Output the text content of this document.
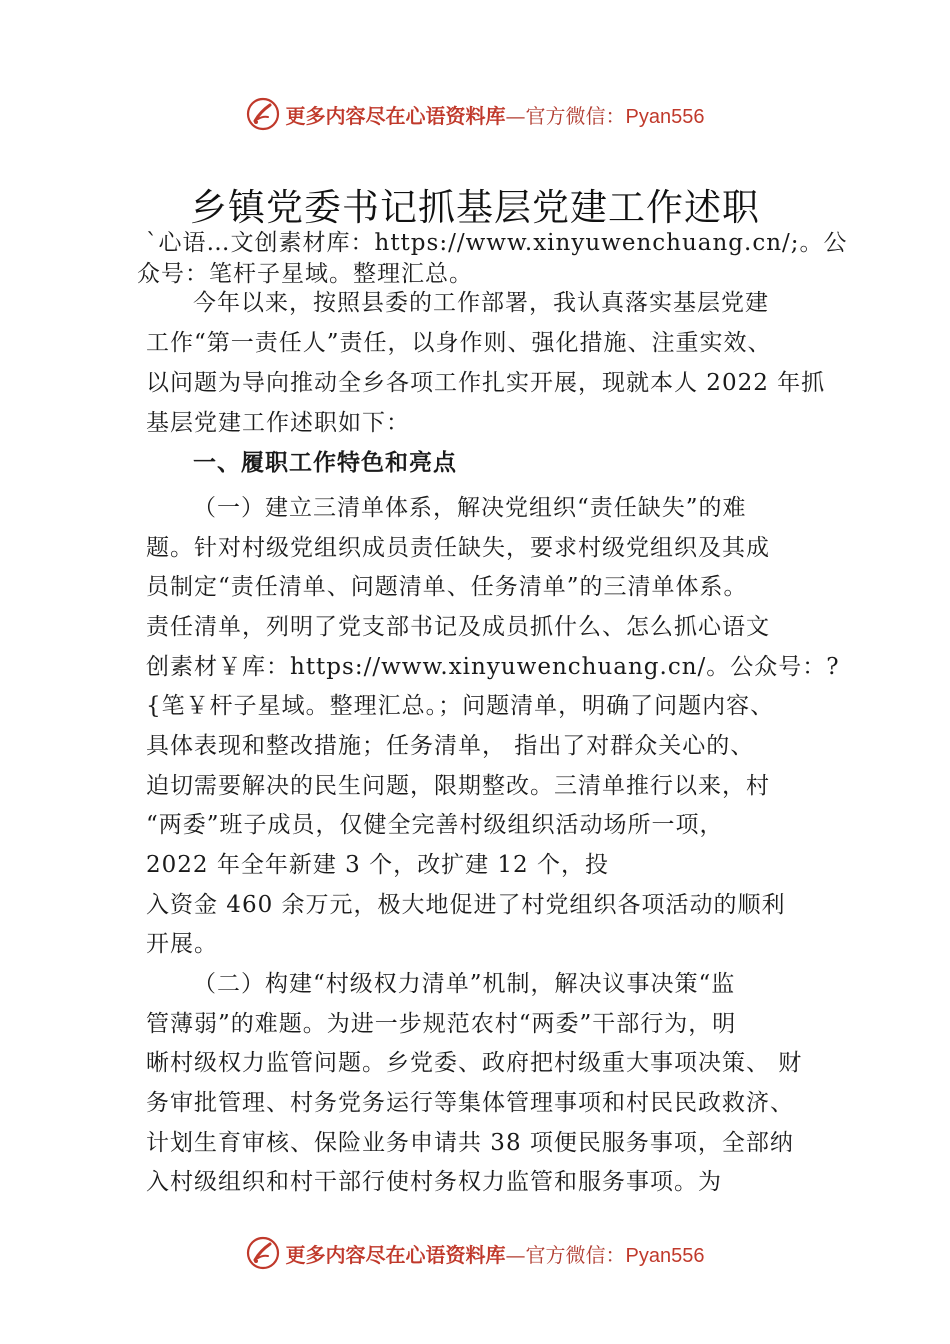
更多内容尽在心语资料库—官方微信：Pyan556
乡镇党委书记抓基层党建工作述职
`心语…文创素材库：https://www.xinyuwenchuang.cn/;。公
众号：笔杆子星域。整理汇总。
今年以来，按照县委的工作部署，我认真落实基层党建
工作“第一责任人”责任，以身作则、强化措施、注重实效、
以问题为导向推动全乡各项工作扎实开展，现就本人 2022 年抓
基层党建工作述职如下：
一、履职工作特色和亮点
（一）建立三清单体系，解决党组织“责任缺失”的难
题。针对村级党组织成员责任缺失，要求村级党组织及其成
员制定“责任清单、问题清单、任务清单”的三清单体系。
责任清单，列明了党支部书记及成员抓什么、怎么抓心语文
创素材￥库：https://www.xinyuwenchuang.cn/。公众号：?
{笔￥杆子星域。整理汇总。；问题清单，明确了问题内容、
具体表现和整改措施；任务清单， 指出了对群众关心的、
迫切需要解决的民生问题，限期整改。三清单推行以来，村
“两委”班子成员，仅健全完善村级组织活动场所一项，
2022 年全年新建 3 个，改扩建 12 个，投
入资金 460 余万元，极大地促进了村党组织各项活动的顺利
开展。
（二）构建“村级权力清单”机制，解决议事决策“监
管薄弱”的难题。为进一步规范农村“两委”干部行为，明
晰村级权力监管问题。乡党委、政府把村级重大事项决策、 财
务审批管理、村务党务运行等集体管理事项和村民民政救济、
计划生育审核、保险业务申请共 38 项便民服务事项，全部纳
入村级组织和村干部行使村务权力监管和服务事项。为
更多内容尽在心语资料库—官方微信：Pyan556
